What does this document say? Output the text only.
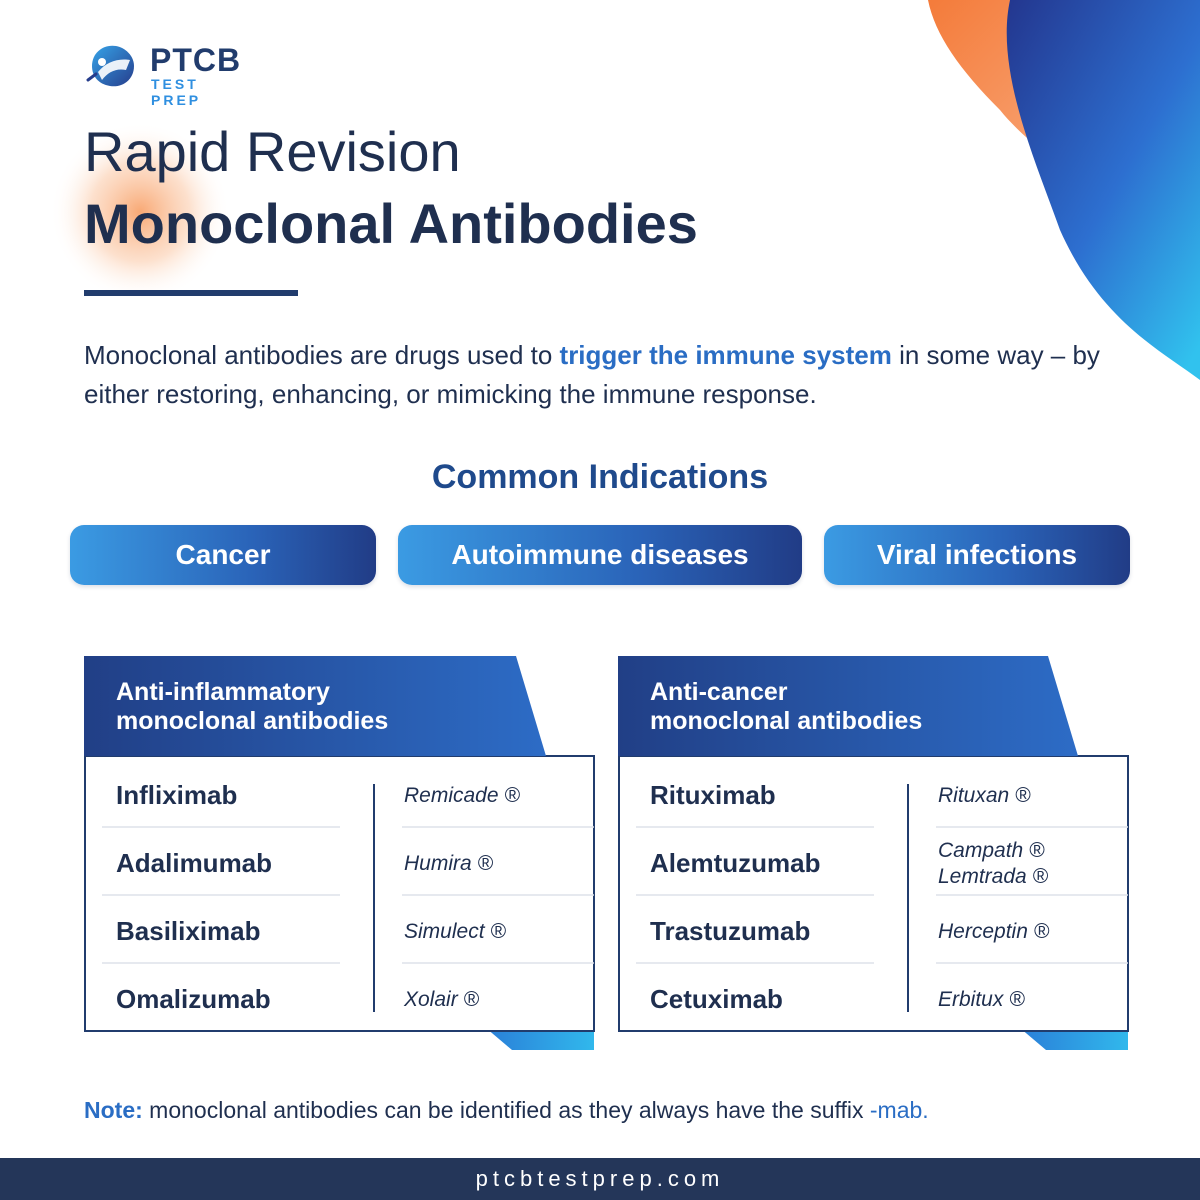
PTCB
TEST PREP
Rapid Revision
Monoclonal Antibodies
Monoclonal antibodies are drugs used to trigger the immune system in some way – by either restoring, enhancing, or mimicking the immune response.
Common Indications
Cancer	Autoimmune diseases	Viral infections
Anti-inflammatory
monoclonal antibodies
Infliximab	Remicade ®
Adalimumab	Humira ®
Basiliximab	Simulect ®
Omalizumab	Xolair ®
Anti-cancer
monoclonal antibodies
Rituximab	Rituxan ®
Alemtuzumab	Campath ®
Lemtrada ®
Trastuzumab	Herceptin ®
Cetuximab	Erbitux ®
Note: monoclonal antibodies can be identified as they always have the suffix -mab.
ptcbtestprep.com
